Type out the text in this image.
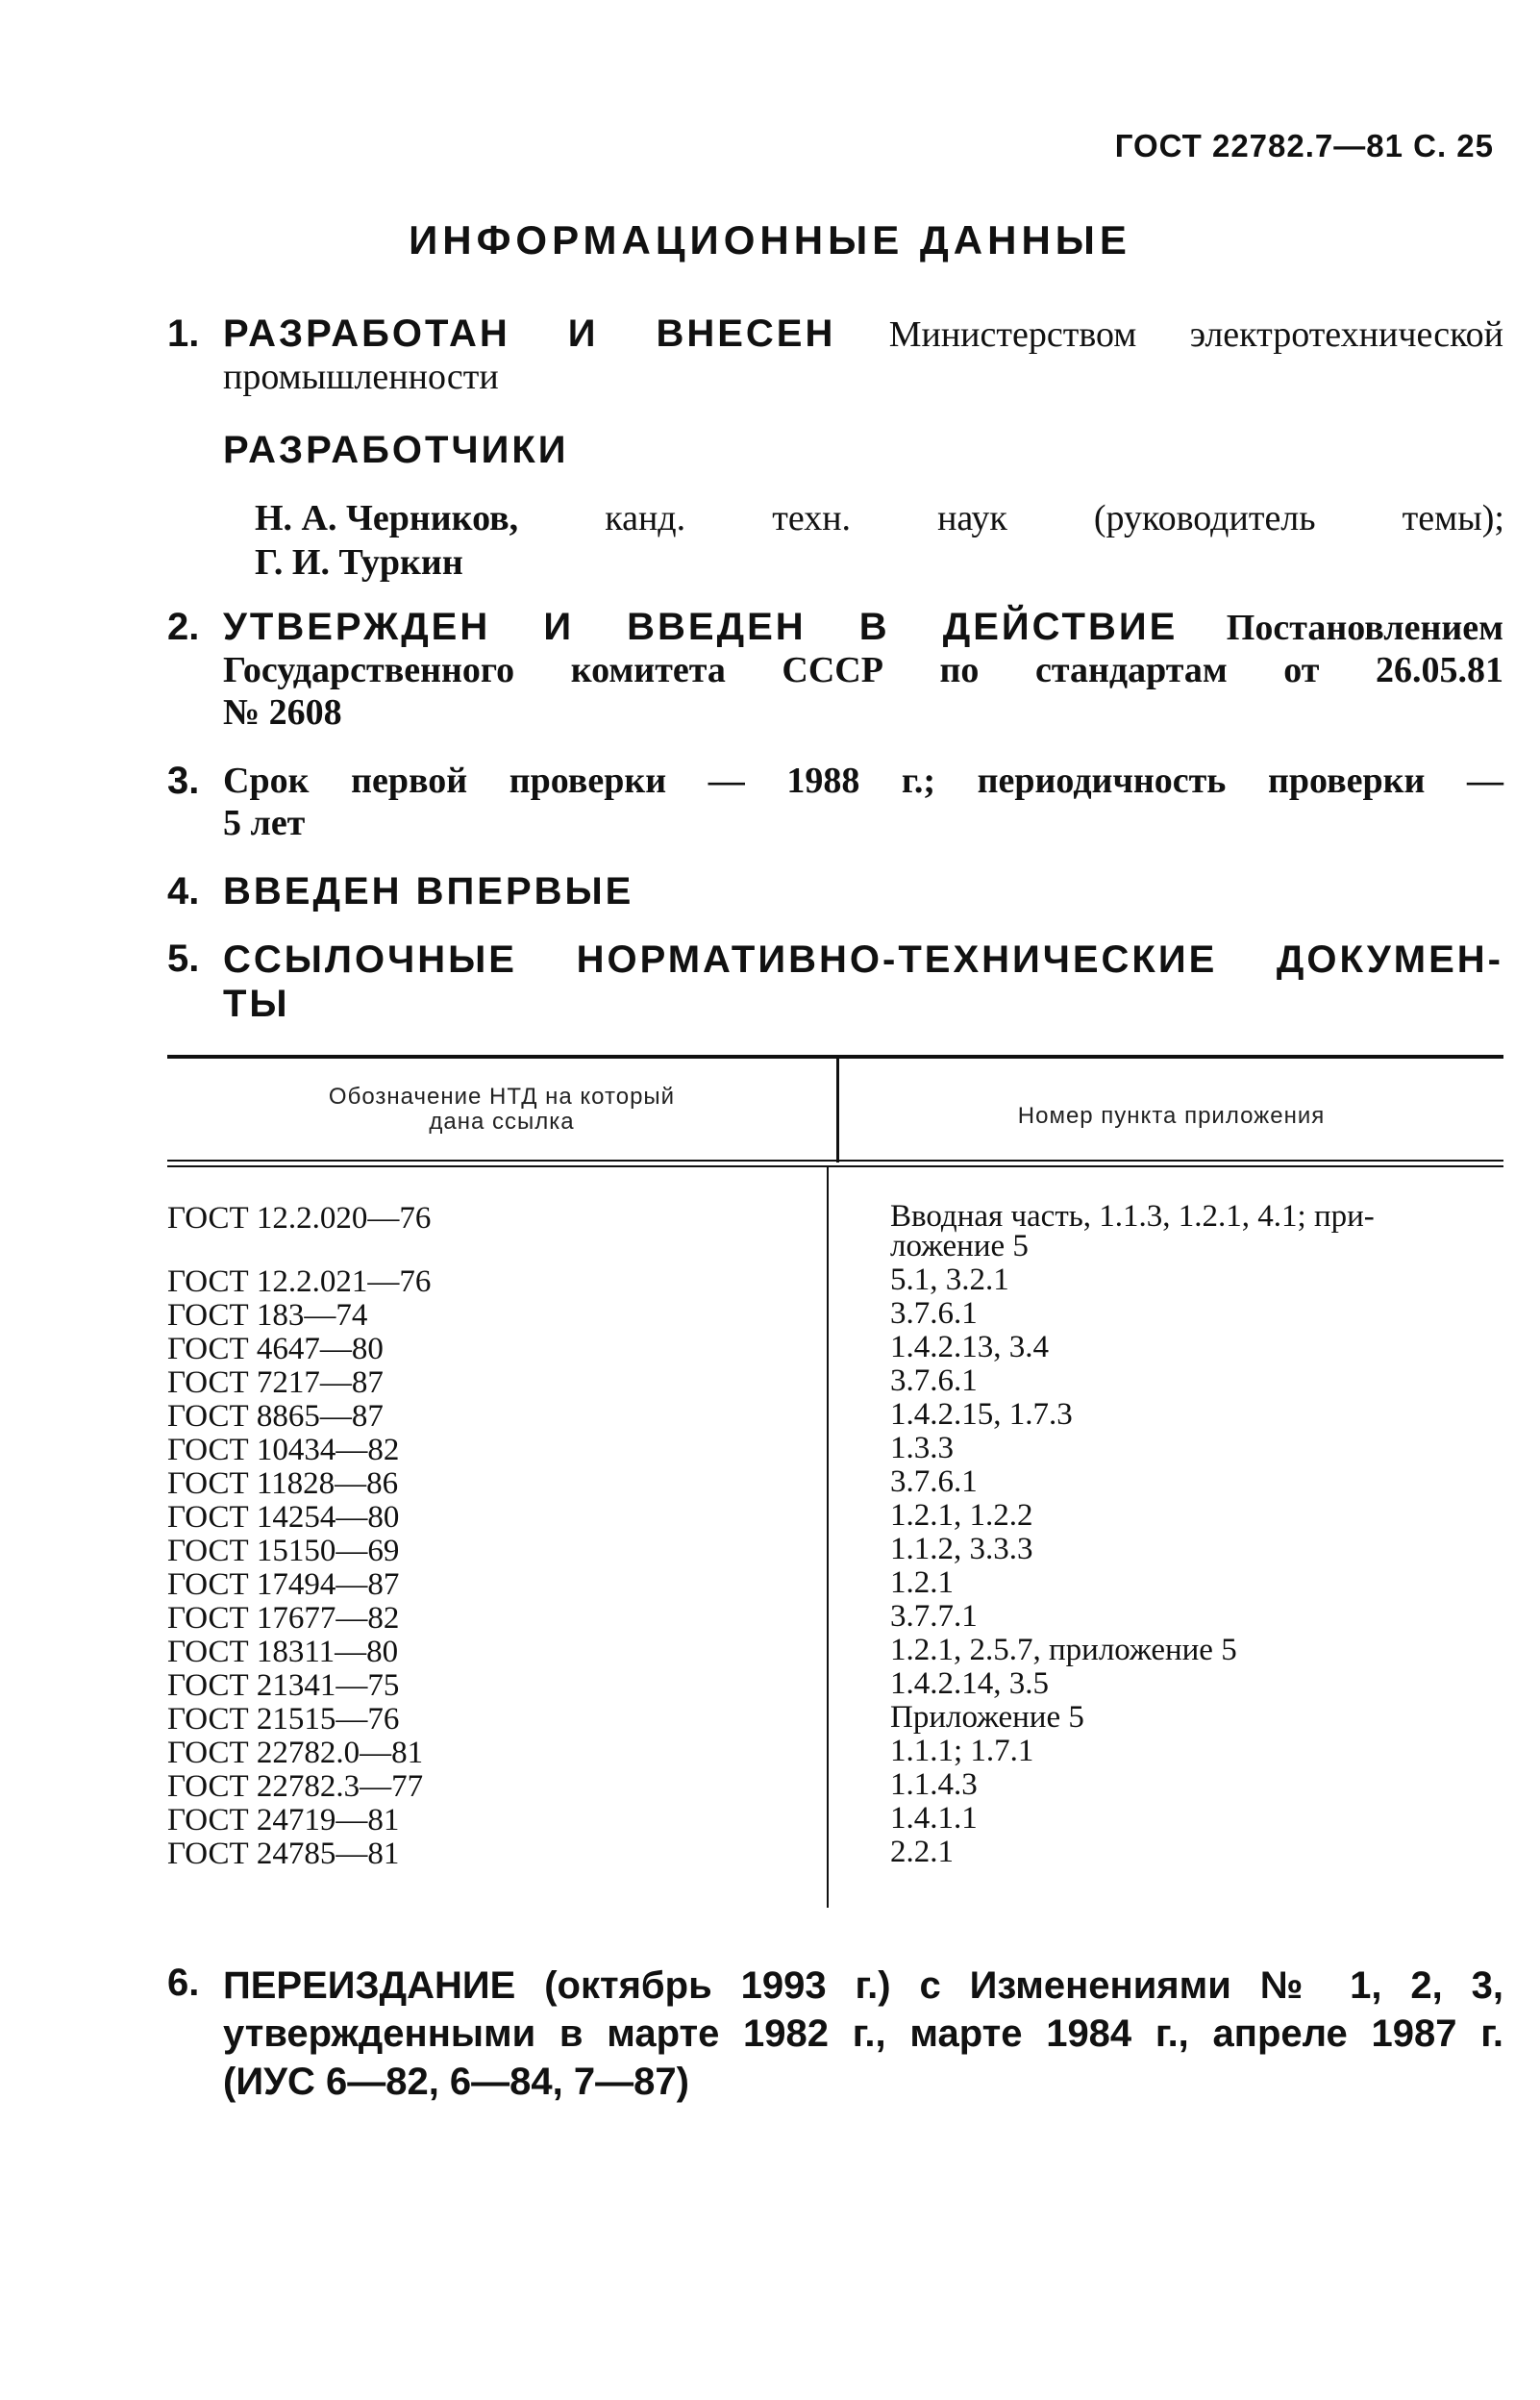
ГОСТ 22782.7—81 С. 25
ИНФОРМАЦИОННЫЕ ДАННЫЕ
1. РАЗРАБОТАН И ВНЕСЕН Министерством электротехнической
промышленности
РАЗРАБОТЧИКИ
Н. А. Черников, канд. техн. наук (руководитель темы);
Г. И. Туркин
2. УТВЕРЖДЕН И ВВЕДЕН В ДЕЙСТВИЕ Постановлением
Государственного комитета СССР по стандартам от 26.05.81
№ 2608
3. Срок первой проверки — 1988 г.; периодичность проверки —
5 лет
4. ВВЕДЕН ВПЕРВЫЕ
5. ССЫЛОЧНЫЕ НОРМАТИВНО-ТЕХНИЧЕСКИЕ ДОКУМЕН-
ТЫ
Обозначение НТД на который
дана ссылка	Номер пункта приложения
ГОСТ 12.2.020—76	Вводная часть, 1.1.3, 1.2.1, 4.1; при-
ложение 5
ГОСТ 12.2.021—76	5.1, 3.2.1
ГОСТ 183—74	3.7.6.1
ГОСТ 4647—80	1.4.2.13, 3.4
ГОСТ 7217—87	3.7.6.1
ГОСТ 8865—87	1.4.2.15, 1.7.3
ГОСТ 10434—82	1.3.3
ГОСТ 11828—86	3.7.6.1
ГОСТ 14254—80	1.2.1, 1.2.2
ГОСТ 15150—69	1.1.2, 3.3.3
ГОСТ 17494—87	1.2.1
ГОСТ 17677—82	3.7.7.1
ГОСТ 18311—80	1.2.1, 2.5.7, приложение 5
ГОСТ 21341—75	1.4.2.14, 3.5
ГОСТ 21515—76	Приложение 5
ГОСТ 22782.0—81	1.1.1; 1.7.1
ГОСТ 22782.3—77	1.1.4.3
ГОСТ 24719—81	1.4.1.1
ГОСТ 24785—81	2.2.1
6. ПЕРЕИЗДАНИЕ (октябрь 1993 г.) с Изменениями № 1, 2, 3,
утвержденными в марте 1982 г., марте 1984 г., апреле 1987 г.
(ИУС 6—82, 6—84, 7—87)
